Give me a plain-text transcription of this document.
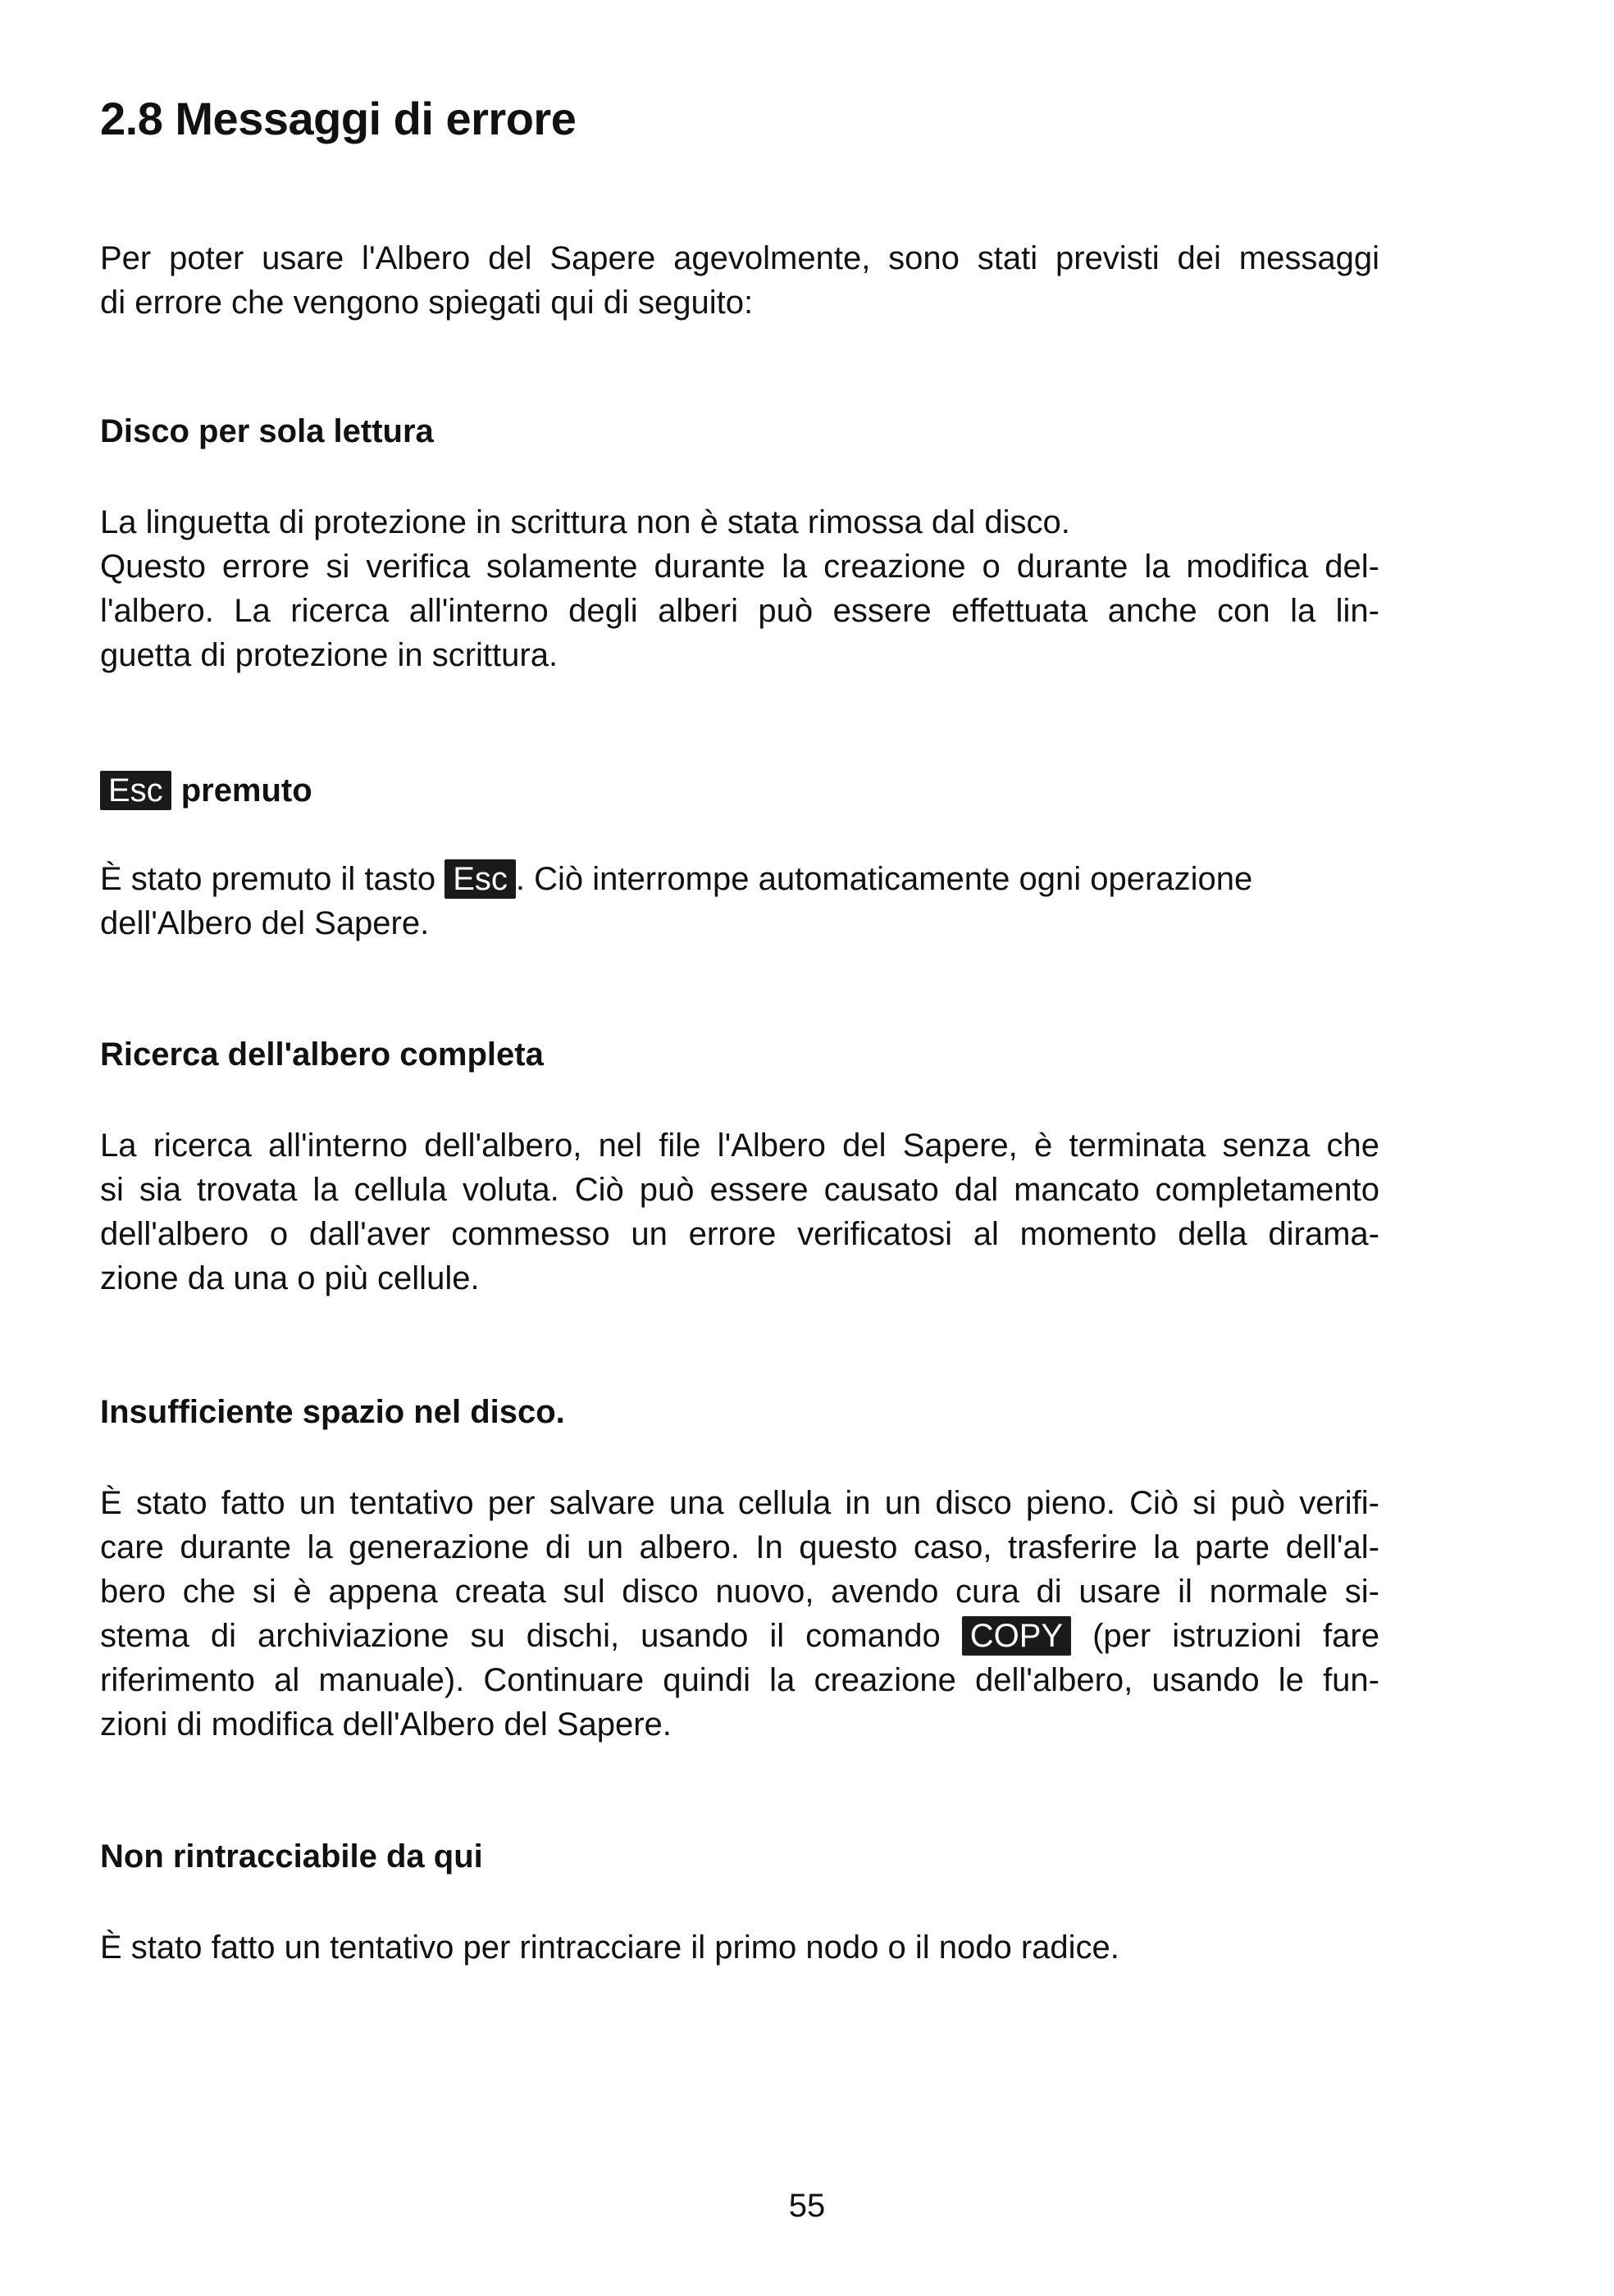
2.8 Messaggi di errore
Per poter usare l'Albero del Sapere agevolmente, sono stati previsti dei messaggi
di errore che vengono spiegati qui di seguito:
Disco per sola lettura
La linguetta di protezione in scrittura non è stata rimossa dal disco.
Questo errore si verifica solamente durante la creazione o durante la modifica del-
l'albero. La ricerca all'interno degli alberi può essere effettuata anche con la lin-
guetta di protezione in scrittura.
Esc premuto
È stato premuto il tasto Esc . Ciò interrompe automaticamente ogni operazione
dell'Albero del Sapere.
Ricerca dell'albero completa
La ricerca all'interno dell'albero, nel file l'Albero del Sapere, è terminata senza che
si sia trovata la cellula voluta. Ciò può essere causato dal mancato completamento
dell'albero o dall'aver commesso un errore verificatosi al momento della dirama-
zione da una o più cellule.
Insufficiente spazio nel disco.
È stato fatto un tentativo per salvare una cellula in un disco pieno. Ciò si può verifi-
care durante la generazione di un albero. In questo caso, trasferire la parte dell'al-
bero che si è appena creata sul disco nuovo, avendo cura di usare il normale si-
stema di archiviazione su dischi, usando il comando COPY (per istruzioni fare
riferimento al manuale). Continuare quindi la creazione dell'albero, usando le fun-
zioni di modifica dell'Albero del Sapere.
Non rintracciabile da qui
È stato fatto un tentativo per rintracciare il primo nodo o il nodo radice.

55
